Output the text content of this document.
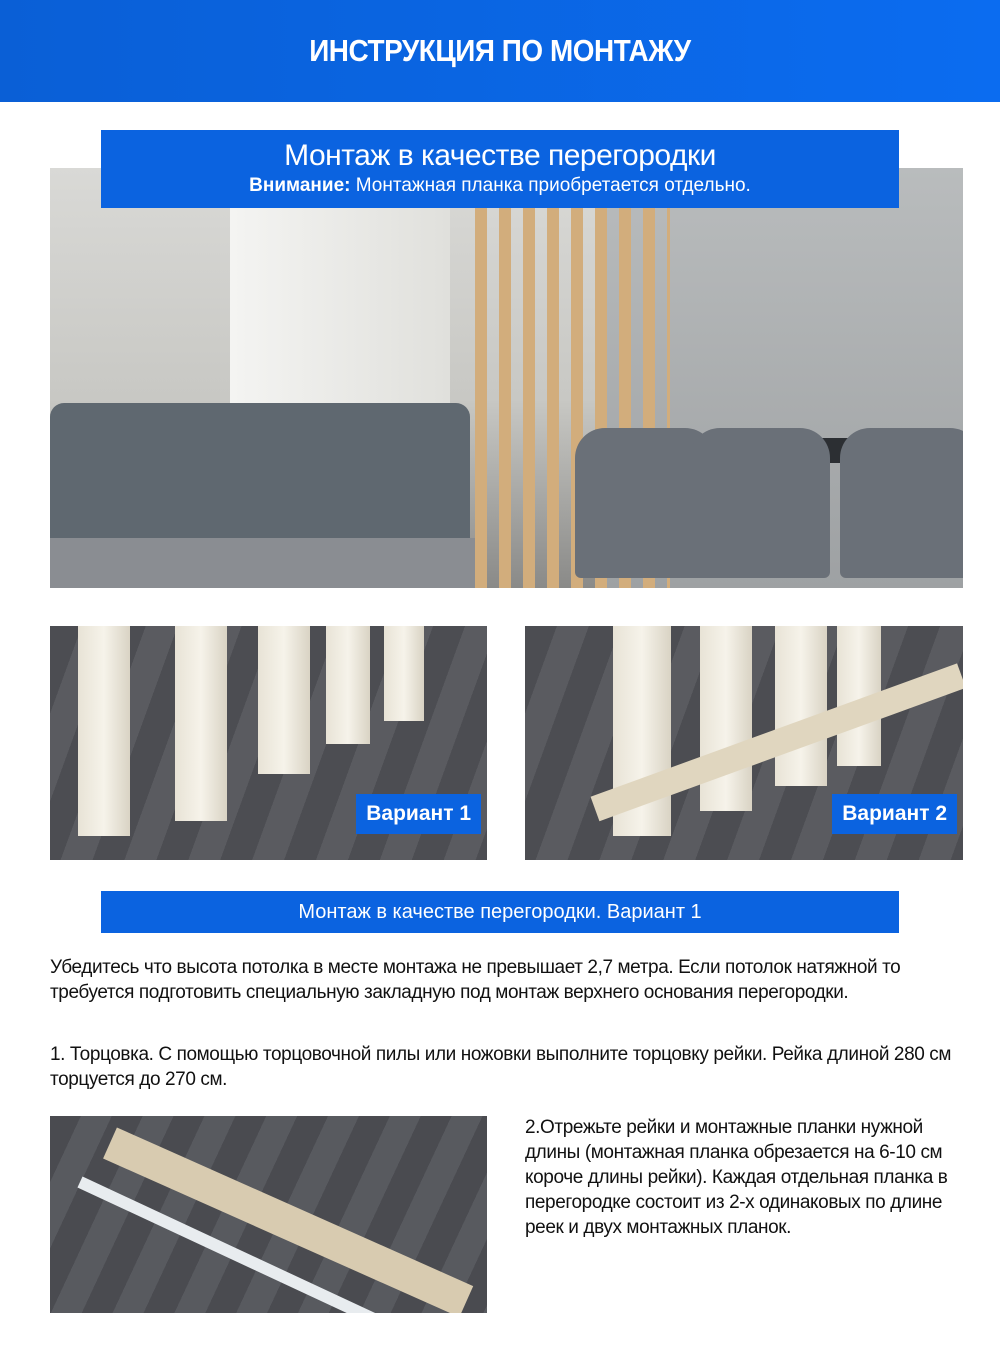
ИНСТРУКЦИЯ ПО МОНТАЖУ
Монтаж в качестве перегородки
Внимание: Монтажная планка приобретается отдельно.
Вариант 1	Вариант 2
Монтаж в качестве перегородки. Вариант 1

Убедитесь что высота потолка в месте монтажа не превышает 2,7 метра. Если потолок натяжной то требуется подготовить специальную закладную под монтаж верхнего основания перегородки.

1. Торцовка. С помощью торцовочной пилы или ножовки выполните торцовку рейки. Рейка длиной 280 см торцуется до 270 см.

2.Отрежьте рейки и монтажные планки нужной длины (монтажная планка обрезается на 6-10 см короче длины рейки). Каждая отдельная планка в перегородке состоит из 2-х одинаковых по длине реек и двух монтажных планок.
